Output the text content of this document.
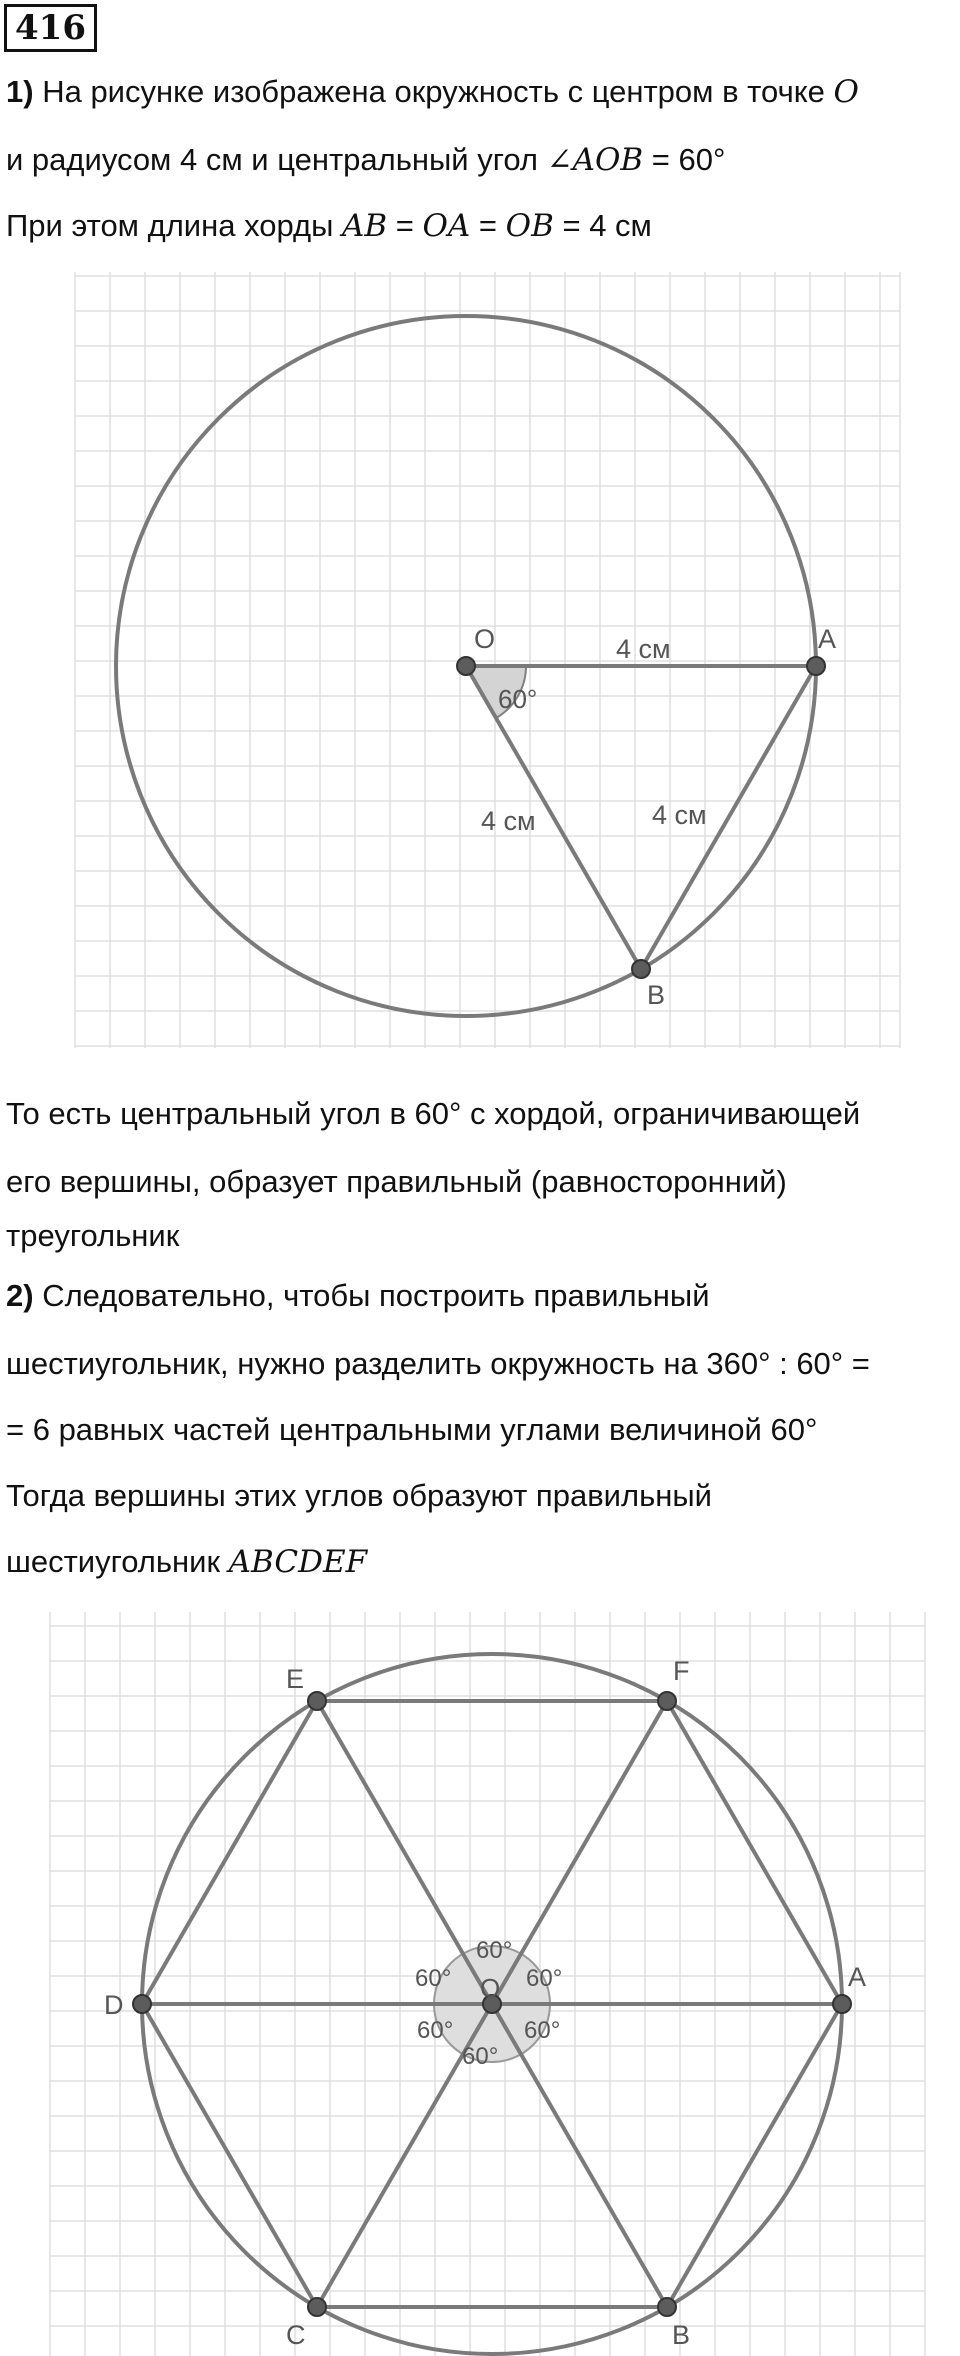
416

1) На рисунке изображена окружность с центром в точке O

и радиусом 4 см и центральный угол ∠AOB = 60°

При этом длина хорды AB = OA = OB = 4 см

O	A
B
4 см
4 см	4 см
60°

То есть центральный угол в 60° с хордой, ограничивающей

его вершины, образует правильный (равносторонний)

треугольник

2) Следовательно, чтобы построить правильный

шестиугольник, нужно разделить окружность на 360° : 60° =

= 6 равных частей центральными углами величиной 60°

Тогда вершины этих углов образуют правильный

шестиугольник ABCDEF

A
B
C
D
E	F
O
60°
60°	60°
60°	60°
60°
